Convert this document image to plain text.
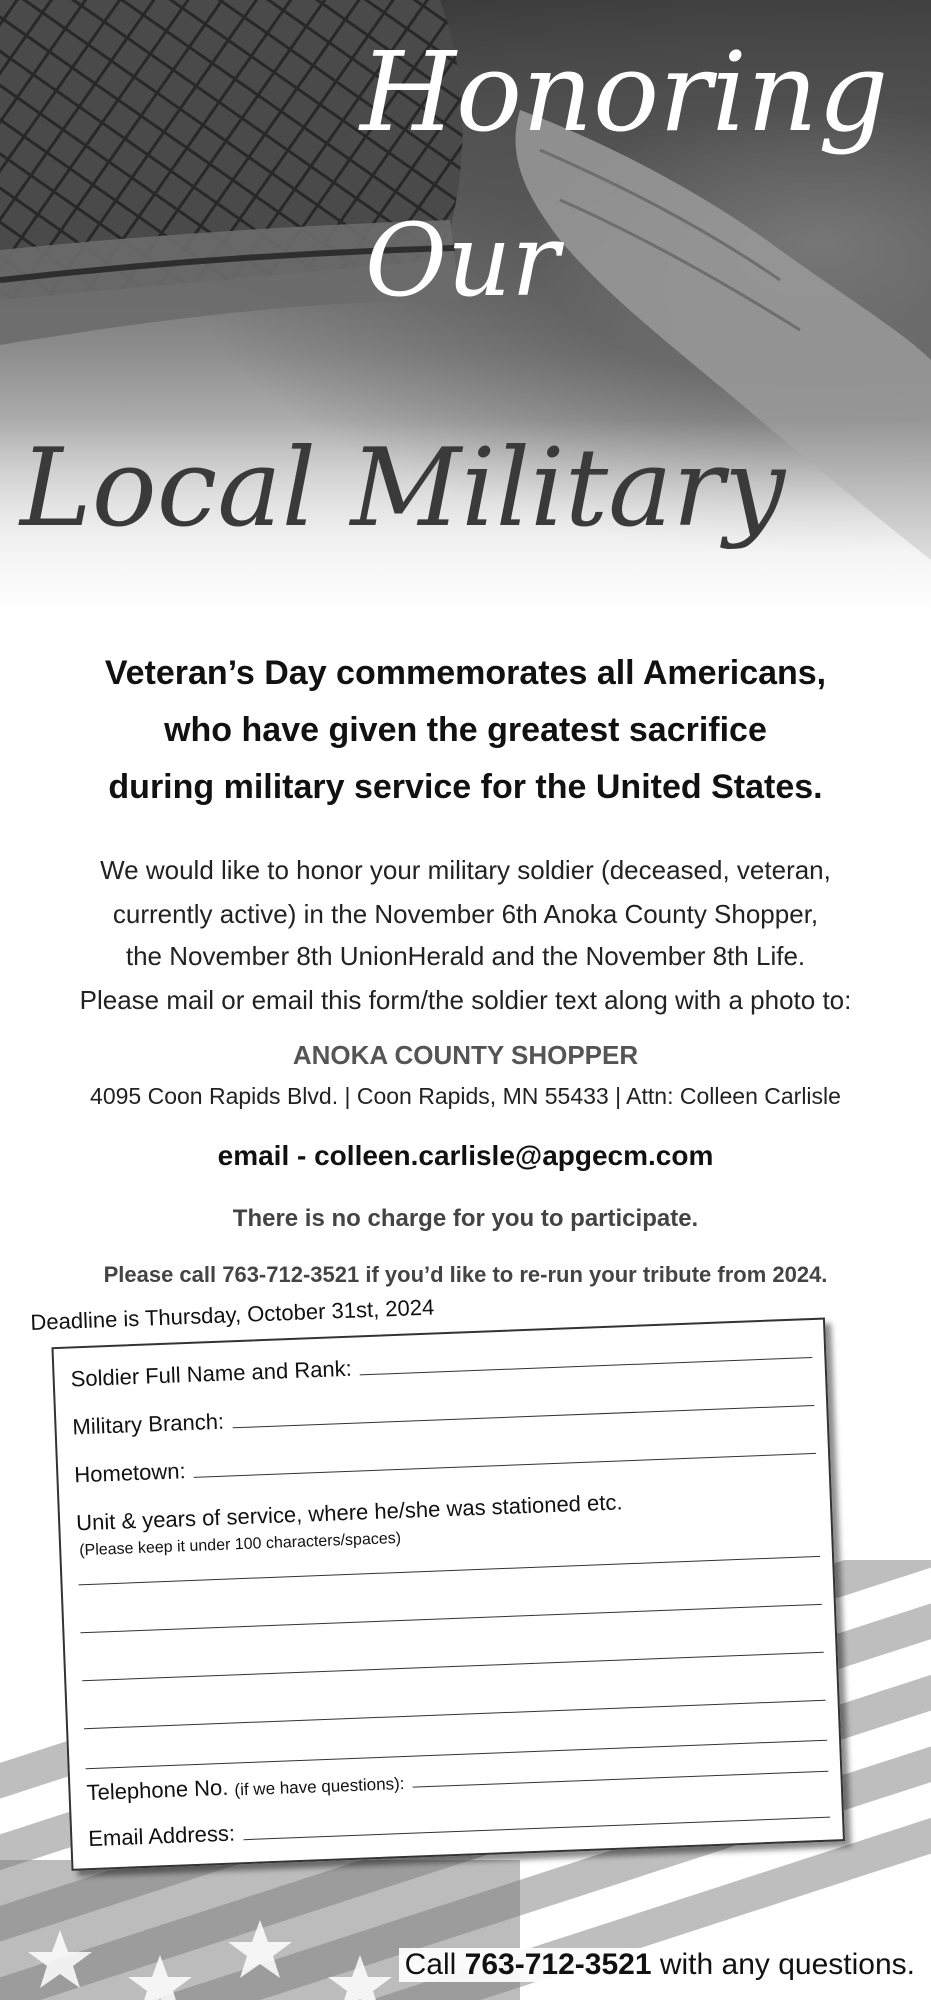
Honoring
Our
Local Military
Veteran’s Day commemorates all Americans,
who have given the greatest sacrifice
during military service for the United States.
We would like to honor your military soldier (deceased, veteran,
currently active) in the November 6th Anoka County Shopper,
the November 8th UnionHerald and the November 8th Life.
Please mail or email this form/the soldier text along with a photo to:
ANOKA COUNTY SHOPPER
4095 Coon Rapids Blvd. | Coon Rapids, MN 55433 | Attn: Colleen Carlisle
email - colleen.carlisle@apgecm.com
There is no charge for you to participate.
Please call 763-712-3521 if you’d like to re-run your tribute from 2024.
Deadline is Thursday, October 31st, 2024
Soldier Full Name and Rank:
Military Branch:
Hometown:
Unit & years of service, where he/she was stationed etc.
(Please keep it under 100 characters/spaces)
Telephone No. (if we have questions):
Email Address:
Call 763-712-3521 with any questions.
